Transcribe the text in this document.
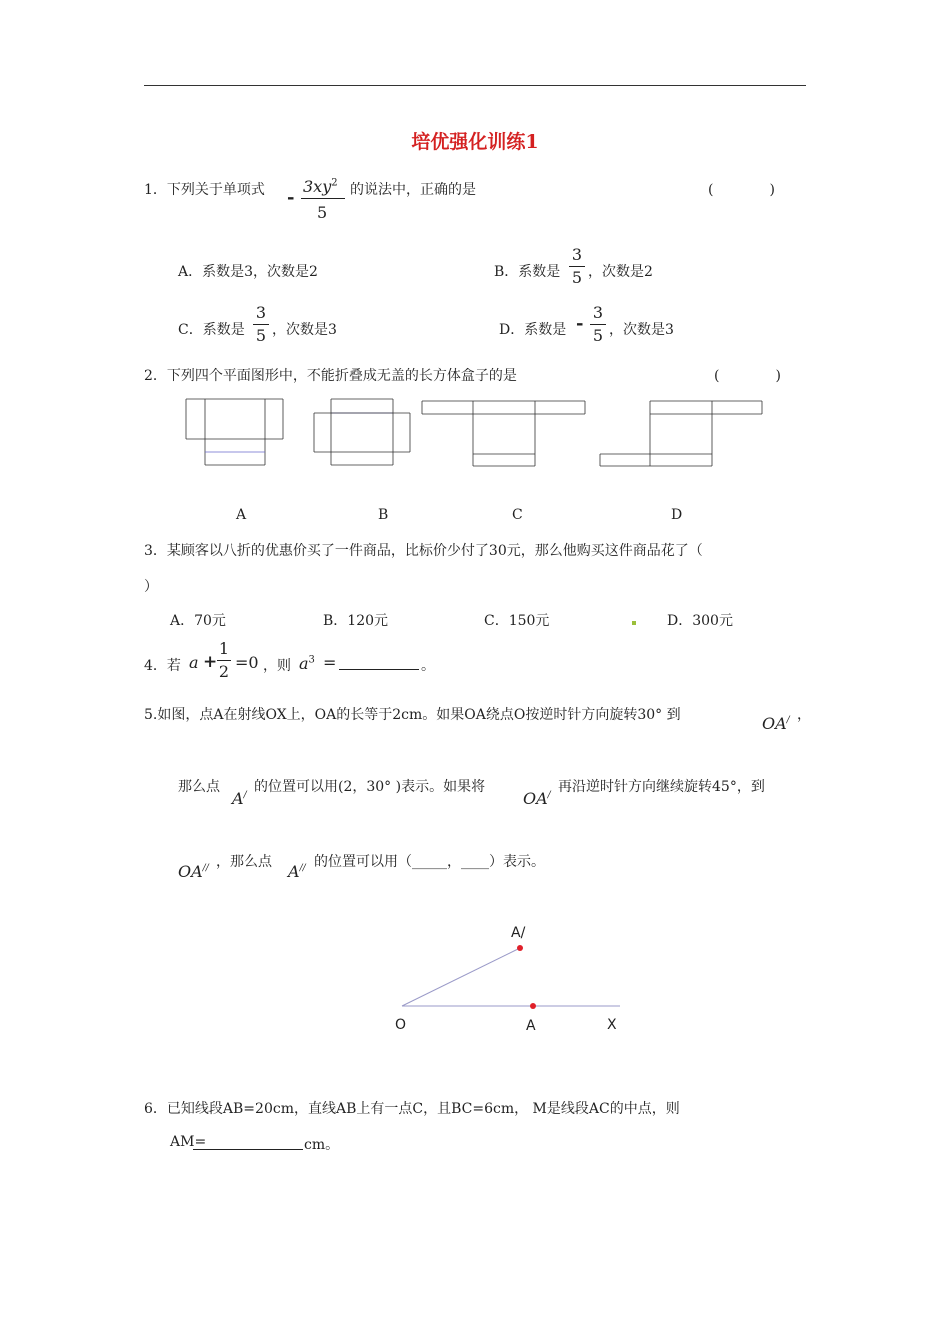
培优强化训练1
1．下列关于单项式 -
$3xy^2$
5
的说法中，正确的是	(　　　　)
A．系数是3，次数是2	B．系数是
3
5 ，次数是2
C．系数是
3
5 ，次数是3	D．系数是 -
3
5 ，次数是3
2．下列四个平面图形中，不能折叠成无盖的长方体盒子的是	(　　　　)
A	B	C	D
3．某顾客以八折的优惠价买了一件商品，比标价少付了30元，那么他购买这件商品花了（
）
A．70元	B．120元	C．150元	D．300元
4．若 a +
1
2 =0 ，则 $a^3$ =	。
5.如图，点A在射线OX上，OA的长等于2cm。如果OA绕点O按逆时针方向旋转30° 到	OA/ ，
那么点
A/
的位置可以用(2，30° )表示。如果将
OA/
再沿逆时针方向继续旋转45°，到
OA// ，那么点 A// 的位置可以用（_____，____）表示。
A/
O	A	X
6．已知线段AB=20cm，直线AB上有一点C，且BC=6cm， M是线段AC的中点，则
AM=	cm。
